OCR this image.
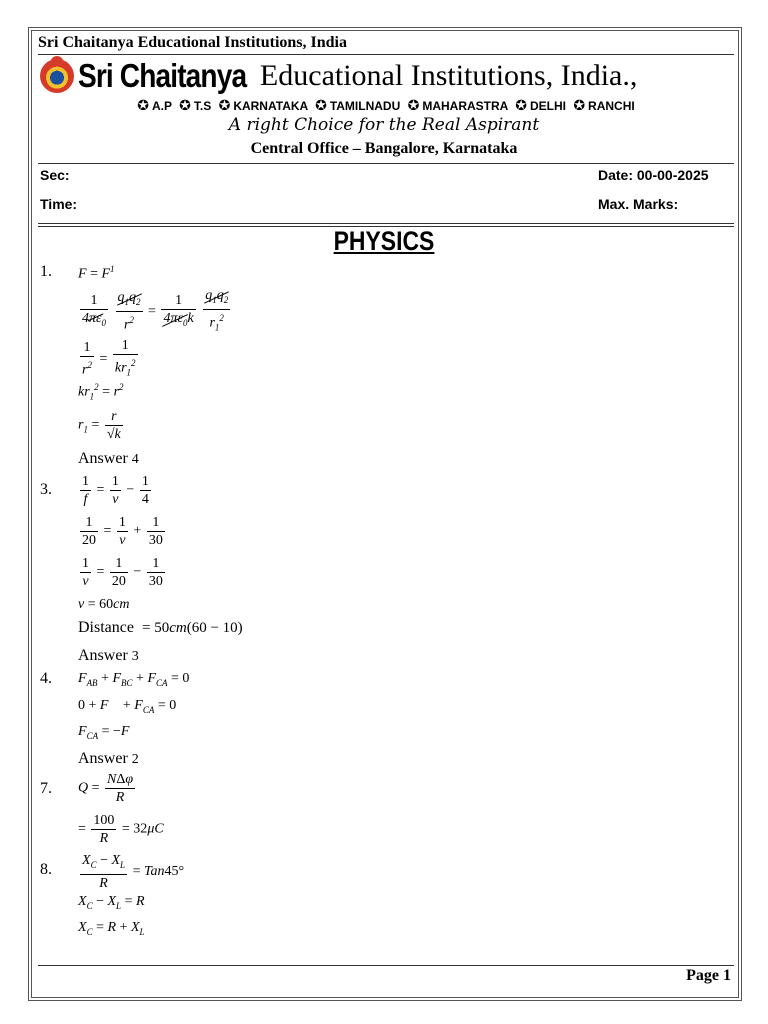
Sri Chaitanya Educational Institutions, India
Sri Chaitanya Educational Institutions, India.,
✪ A.P ✪ T.S ✪ KARNATAKA ✪ TAMILNADU ✪ MAHARASTRA ✪ DELHI ✪ RANCHI
A right Choice for the Real Aspirant
Central Office – Bangalore, Karnataka
Sec:	Date: 00-00-2025
Time:	Max. Marks:
PHYSICS
1. $F = F^1$
$\frac{1}{4\pi\varepsilon_0}$
$\frac{q_1q_2}{r^2} = \frac{1}{4\pi\varepsilon_0k}$
$\frac{q_1q_2}{r_1^2}$
$\frac{1}{r^2} = \frac{1}{kr_1^2}$
$kr_1^2 = r^2$
$r_1 = \frac{r}{√k}$
Answer 4
3. $\frac{1}{f} = \frac{1}{v} - \frac{1}{4}$
$\frac{1}{20} = \frac{1}{v} + \frac{1}{30}$
$\frac{1}{v} = \frac{1}{20} - \frac{1}{30}$
v = 60cm
Distance = 50cm(60 − 10)
Answer 3
4. $F_{AB} + F_{BC} + F_{CA} = 0$
0 + F⃗ + $F_{CA} = 0$
$F_{CA}$ = −F⃗
Answer 2
7. $Q = \frac{\text{NΔφ}}{R}$
= $\frac{100}{R} = 32\mu C$
8. $\frac{X_C - X_L}{R} = Tan45^\circ$
$X_C - X_L = R$
$X_C = R + X_L$
Page 1
